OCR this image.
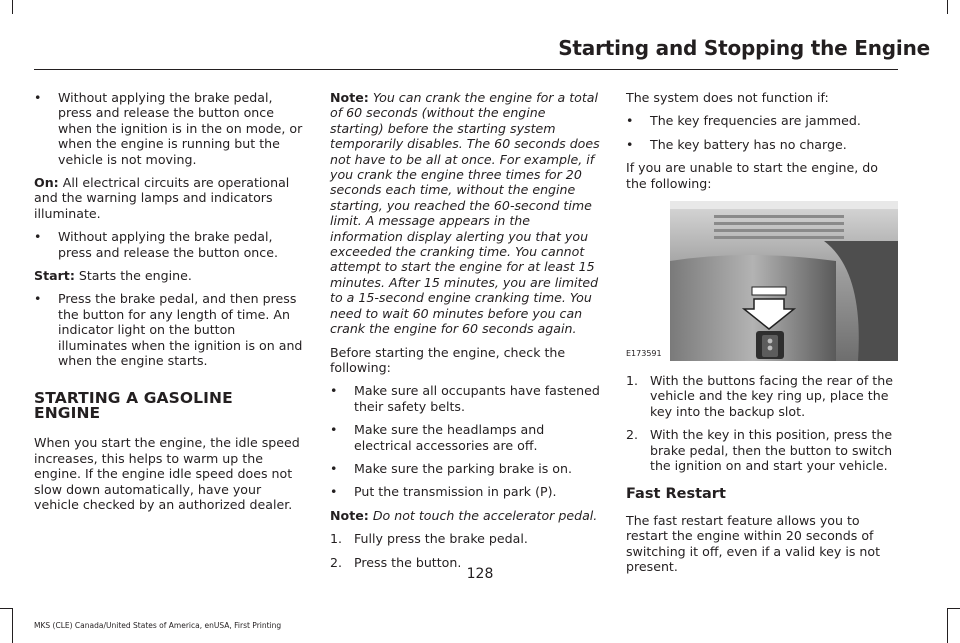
Starting and Stopping the Engine
• Without applying the brake pedal, press and release the button once when the ignition is in the on mode, or when the engine is running but the vehicle is not moving.

On: All electrical circuits are operational and the warning lamps and indicators illuminate.

• Without applying the brake pedal, press and release the button once.

Start: Starts the engine.

• Press the brake pedal, and then press the button for any length of time. An indicator light on the button illuminates when the ignition is on and when the engine starts.
STARTING A GASOLINE ENGINE

When you start the engine, the idle speed increases, this helps to warm up the engine. If the engine idle speed does not slow down automatically, have your vehicle checked by an authorized dealer.

Note: You can crank the engine for a total of 60 seconds (without the engine starting) before the starting system temporarily disables. The 60 seconds does not have to be all at once. For example, if you crank the engine three times for 20 seconds each time, without the engine starting, you reached the 60-second time limit. A message appears in the information display alerting you that you exceeded the cranking time. You cannot attempt to start the engine for at least 15 minutes. After 15 minutes, you are limited to a 15-second engine cranking time. You need to wait 60 minutes before you can crank the engine for 60 seconds again.

Before starting the engine, check the following:

• Make sure all occupants have fastened their safety belts.
• Make sure the headlamps and electrical accessories are off.
• Make sure the parking brake is on.
• Put the transmission in park (P).

Note: Do not touch the accelerator pedal.

1. Fully press the brake pedal.
2. Press the button.

The system does not function if:

• The key frequencies are jammed.
• The key battery has no charge.

If you are unable to start the engine, do the following:

E173591
1. With the buttons facing the rear of the vehicle and the key ring up, place the key into the backup slot.
2. With the key in this position, press the brake pedal, then the button to switch the ignition on and start your vehicle.
Fast Restart

The fast restart feature allows you to restart the engine within 20 seconds of switching it off, even if a valid key is not present.

128
MKS (CLE) Canada/United States of America, enUSA, First Printing
